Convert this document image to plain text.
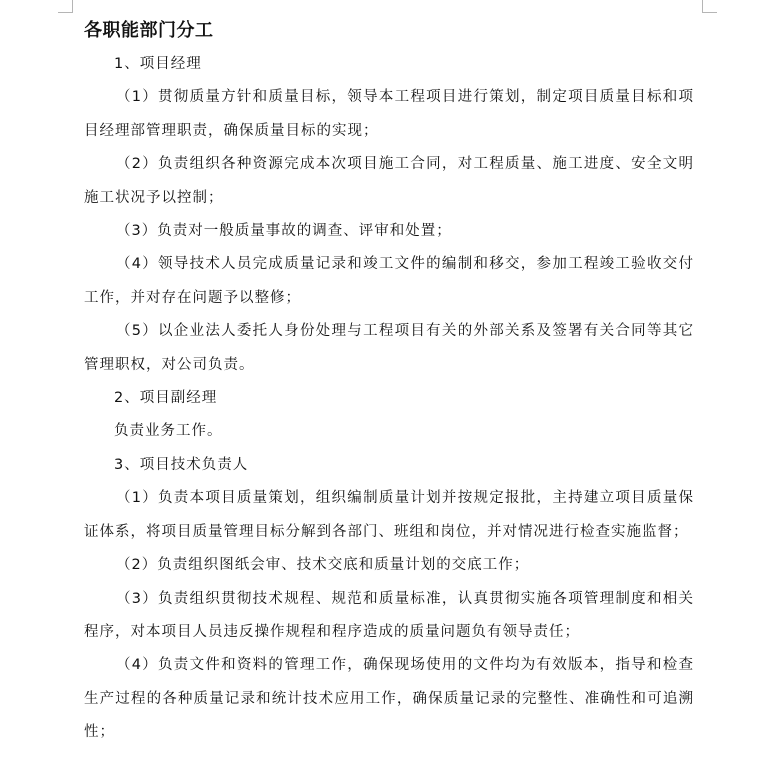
各职能部门分工

1、项目经理

（1）贯彻质量方针和质量目标，领导本工程项目进行策划，制定项目质量目标和项目经理部管理职责，确保质量目标的实现；

（2）负责组织各种资源完成本次项目施工合同，对工程质量、施工进度、安全文明施工状况予以控制；

（3）负责对一般质量事故的调查、评审和处置；

（4）领导技术人员完成质量记录和竣工文件的编制和移交，参加工程竣工验收交付工作，并对存在问题予以整修；

（5）以企业法人委托人身份处理与工程项目有关的外部关系及签署有关合同等其它管理职权，对公司负责。

2、项目副经理

负责业务工作。

3、项目技术负责人

（1）负责本项目质量策划，组织编制质量计划并按规定报批，主持建立项目质量保证体系，将项目质量管理目标分解到各部门、班组和岗位，并对情况进行检查实施监督；

（2）负责组织图纸会审、技术交底和质量计划的交底工作；

（3）负责组织贯彻技术规程、规范和质量标准，认真贯彻实施各项管理制度和相关程序，对本项目人员违反操作规程和程序造成的质量问题负有领导责任；

（4）负责文件和资料的管理工作，确保现场使用的文件均为有效版本，指导和检查生产过程的各种质量记录和统计技术应用工作，确保质量记录的完整性、准确性和可追溯性；
